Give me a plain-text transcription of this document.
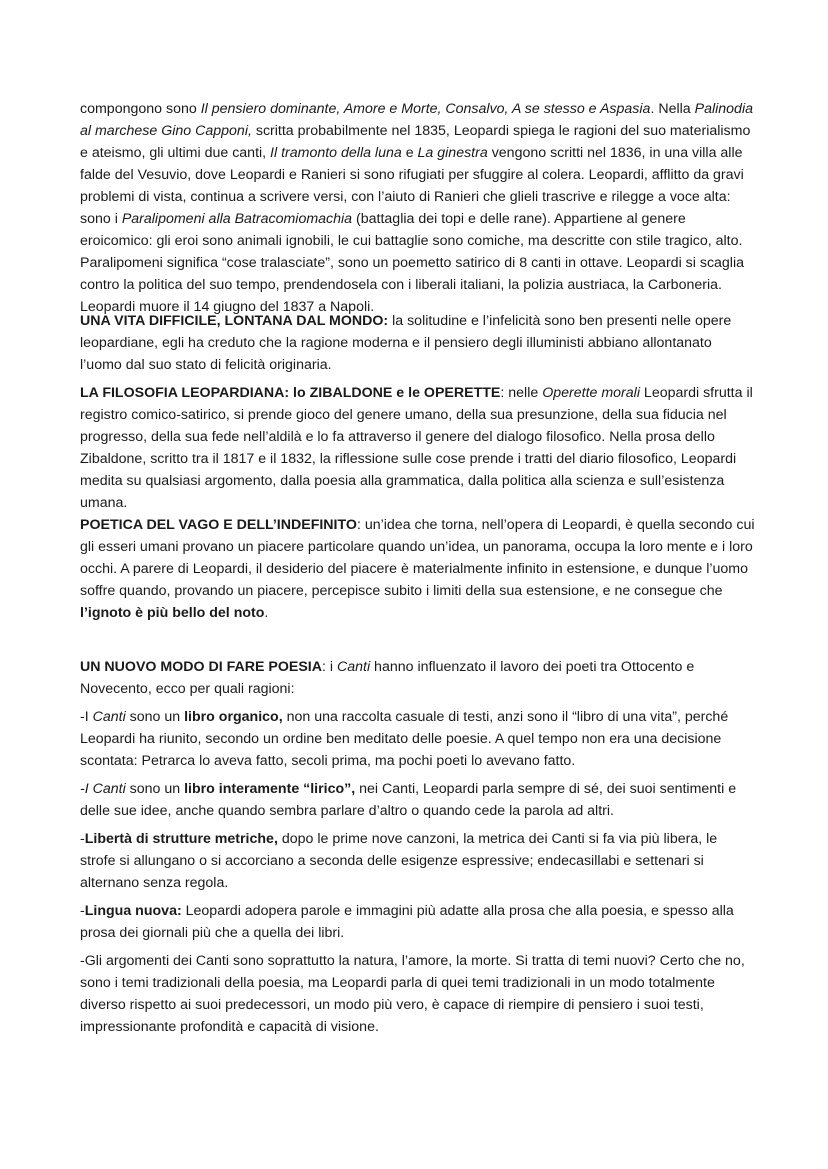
compongono sono Il pensiero dominante, Amore e Morte, Consalvo, A se stesso e Aspasia. Nella Palinodia al marchese Gino Capponi, scritta probabilmente nel 1835, Leopardi spiega le ragioni del suo materialismo e ateismo, gli ultimi due canti, Il tramonto della luna e La ginestra vengono scritti nel 1836, in una villa alle falde del Vesuvio, dove Leopardi e Ranieri si sono rifugiati per sfuggire al colera. Leopardi, afflitto da gravi problemi di vista, continua a scrivere versi, con l’aiuto di Ranieri che glieli trascrive e rilegge a voce alta: sono i Paralipomeni alla Batracomiomachia (battaglia dei topi e delle rane). Appartiene al genere eroicomico: gli eroi sono animali ignobili, le cui battaglie sono comiche, ma descritte con stile tragico, alto. Paralipomeni significa “cose tralasciate”, sono un poemetto satirico di 8 canti in ottave. Leopardi si scaglia contro la politica del suo tempo, prendendosela con i liberali italiani, la polizia austriaca, la Carboneria. Leopardi muore il 14 giugno del 1837 a Napoli.

UNA VITA DIFFICILE, LONTANA DAL MONDO: la solitudine e l’infelicità sono ben presenti nelle opere leopardiane, egli ha creduto che la ragione moderna e il pensiero degli illuministi abbiano allontanato l’uomo dal suo stato di felicità originaria.

LA FILOSOFIA LEOPARDIANA: lo ZIBALDONE e le OPERETTE: nelle Operette morali Leopardi sfrutta il registro comico-satirico, si prende gioco del genere umano, della sua presunzione, della sua fiducia nel progresso, della sua fede nell’aldilà e lo fa attraverso il genere del dialogo filosofico. Nella prosa dello Zibaldone, scritto tra il 1817 e il 1832, la riflessione sulle cose prende i tratti del diario filosofico, Leopardi medita su qualsiasi argomento, dalla poesia alla grammatica, dalla politica alla scienza e sull’esistenza umana.

POETICA DEL VAGO E DELL’INDEFINITO: un’idea che torna, nell’opera di Leopardi, è quella secondo cui gli esseri umani provano un piacere particolare quando un’idea, un panorama, occupa la loro mente e i loro occhi. A parere di Leopardi, il desiderio del piacere è materialmente infinito in estensione, e dunque l’uomo soffre quando, provando un piacere, percepisce subito i limiti della sua estensione, e ne consegue che l’ignoto è più bello del noto.

UN NUOVO MODO DI FARE POESIA: i Canti hanno influenzato il lavoro dei poeti tra Ottocento e Novecento, ecco per quali ragioni:

-I Canti sono un libro organico, non una raccolta casuale di testi, anzi sono il “libro di una vita”, perché Leopardi ha riunito, secondo un ordine ben meditato delle poesie. A quel tempo non era una decisione scontata: Petrarca lo aveva fatto, secoli prima, ma pochi poeti lo avevano fatto.

-I Canti sono un libro interamente “lirico”, nei Canti, Leopardi parla sempre di sé, dei suoi sentimenti e delle sue idee, anche quando sembra parlare d’altro o quando cede la parola ad altri.

-Libertà di strutture metriche, dopo le prime nove canzoni, la metrica dei Canti si fa via più libera, le strofe si allungano o si accorciano a seconda delle esigenze espressive; endecasillabi e settenari si alternano senza regola.

-Lingua nuova: Leopardi adopera parole e immagini più adatte alla prosa che alla poesia, e spesso alla prosa dei giornali più che a quella dei libri.

-Gli argomenti dei Canti sono soprattutto la natura, l’amore, la morte. Si tratta di temi nuovi? Certo che no, sono i temi tradizionali della poesia, ma Leopardi parla di quei temi tradizionali in un modo totalmente diverso rispetto ai suoi predecessori, un modo più vero, è capace di riempire di pensiero i suoi testi, impressionante profondità e capacità di visione.
